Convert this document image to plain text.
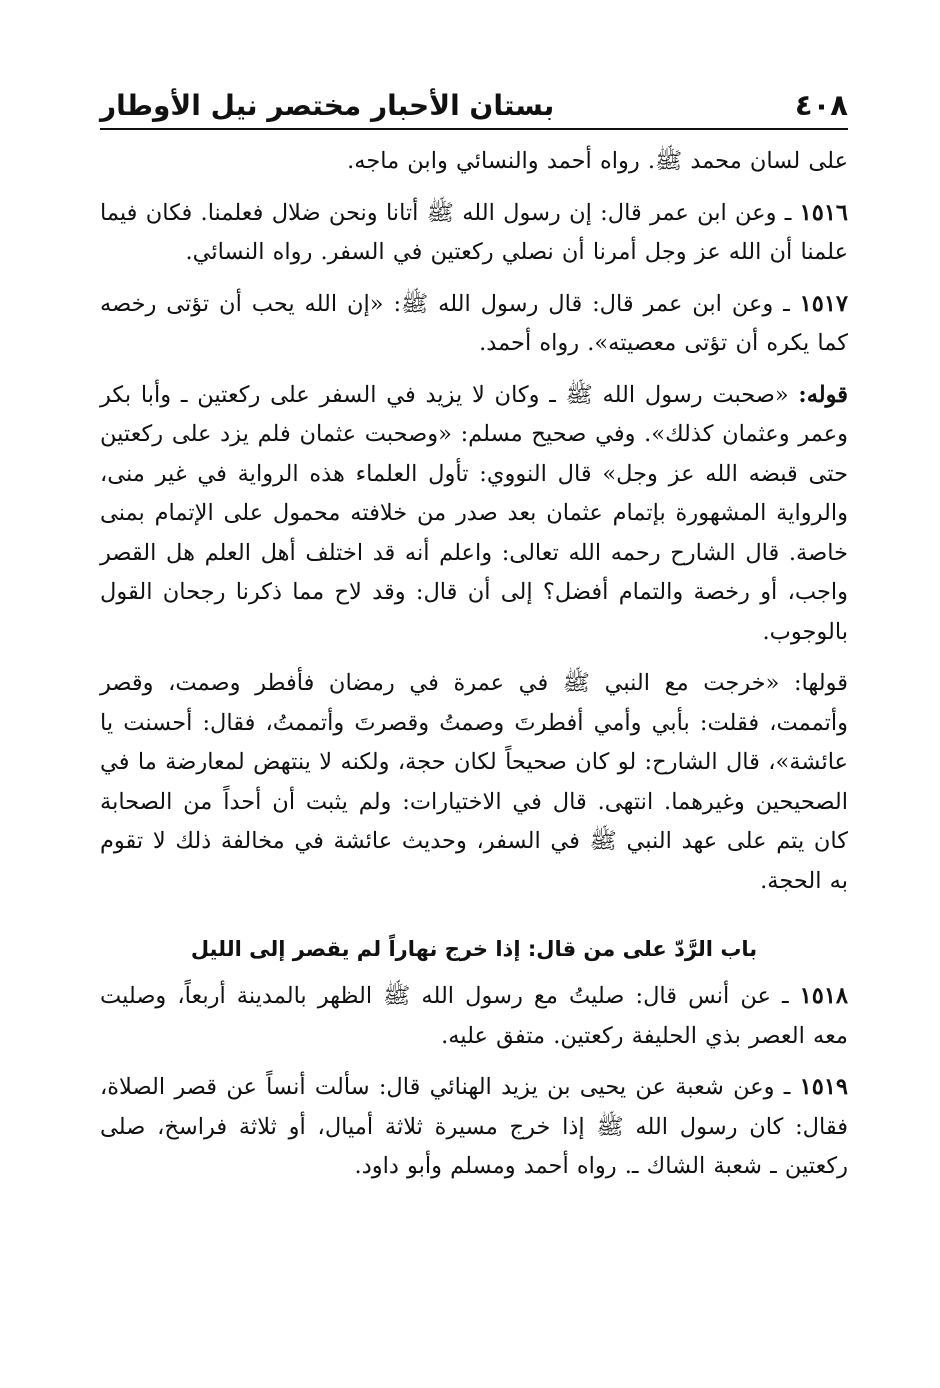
٤٠٨
بستان الأحبار مختصر نيل الأوطار

على لسان محمد ﷺ. رواه أحمد والنسائي وابن ماجه.

١٥١٦ ـ وعن ابن عمر قال: إن رسول الله ﷺ أتانا ونحن ضلال فعلمنا. فكان فيما علمنا أن الله عز وجل أمرنا أن نصلي ركعتين في السفر. رواه النسائي.

١٥١٧ ـ وعن ابن عمر قال: قال رسول الله ﷺ: «إن الله يحب أن تؤتى رخصه كما يكره أن تؤتى معصيته». رواه أحمد.

قوله: «صحبت رسول الله ﷺ ـ وكان لا يزيد في السفر على ركعتين ـ وأبا بكر وعمر وعثمان كذلك». وفي صحيح مسلم: «وصحبت عثمان فلم يزد على ركعتين حتى قبضه الله عز وجل» قال النووي: تأول العلماء هذه الرواية في غير منى، والرواية المشهورة بإتمام عثمان بعد صدر من خلافته محمول على الإتمام بمنى خاصة. قال الشارح رحمه الله تعالى: واعلم أنه قد اختلف أهل العلم هل القصر واجب، أو رخصة والتمام أفضل؟ إلى أن قال: وقد لاح مما ذكرنا رجحان القول بالوجوب.

قولها: «خرجت مع النبي ﷺ في عمرة في رمضان فأفطر وصمت، وقصر وأتممت، فقلت: بأبي وأمي أفطرتَ وصمتُ وقصرتَ وأتممتُ، فقال: أحسنت يا عائشة»، قال الشارح: لو كان صحيحاً لكان حجة، ولكنه لا ينتهض لمعارضة ما في الصحيحين وغيرهما. انتهى. قال في الاختيارات: ولم يثبت أن أحداً من الصحابة كان يتم على عهد النبي ﷺ في السفر، وحديث عائشة في مخالفة ذلك لا تقوم به الحجة.

باب الرَّدّ على من قال: إذا خرج نهاراً لم يقصر إلى الليل

١٥١٨ ـ عن أنس قال: صليتُ مع رسول الله ﷺ الظهر بالمدينة أربعاً، وصليت معه العصر بذي الحليفة ركعتين. متفق عليه.

١٥١٩ ـ وعن شعبة عن يحيى بن يزيد الهنائي قال: سألت أنساً عن قصر الصلاة، فقال: كان رسول الله ﷺ إذا خرج مسيرة ثلاثة أميال، أو ثلاثة فراسخ، صلى ركعتين ـ شعبة الشاك ـ. رواه أحمد ومسلم وأبو داود.
